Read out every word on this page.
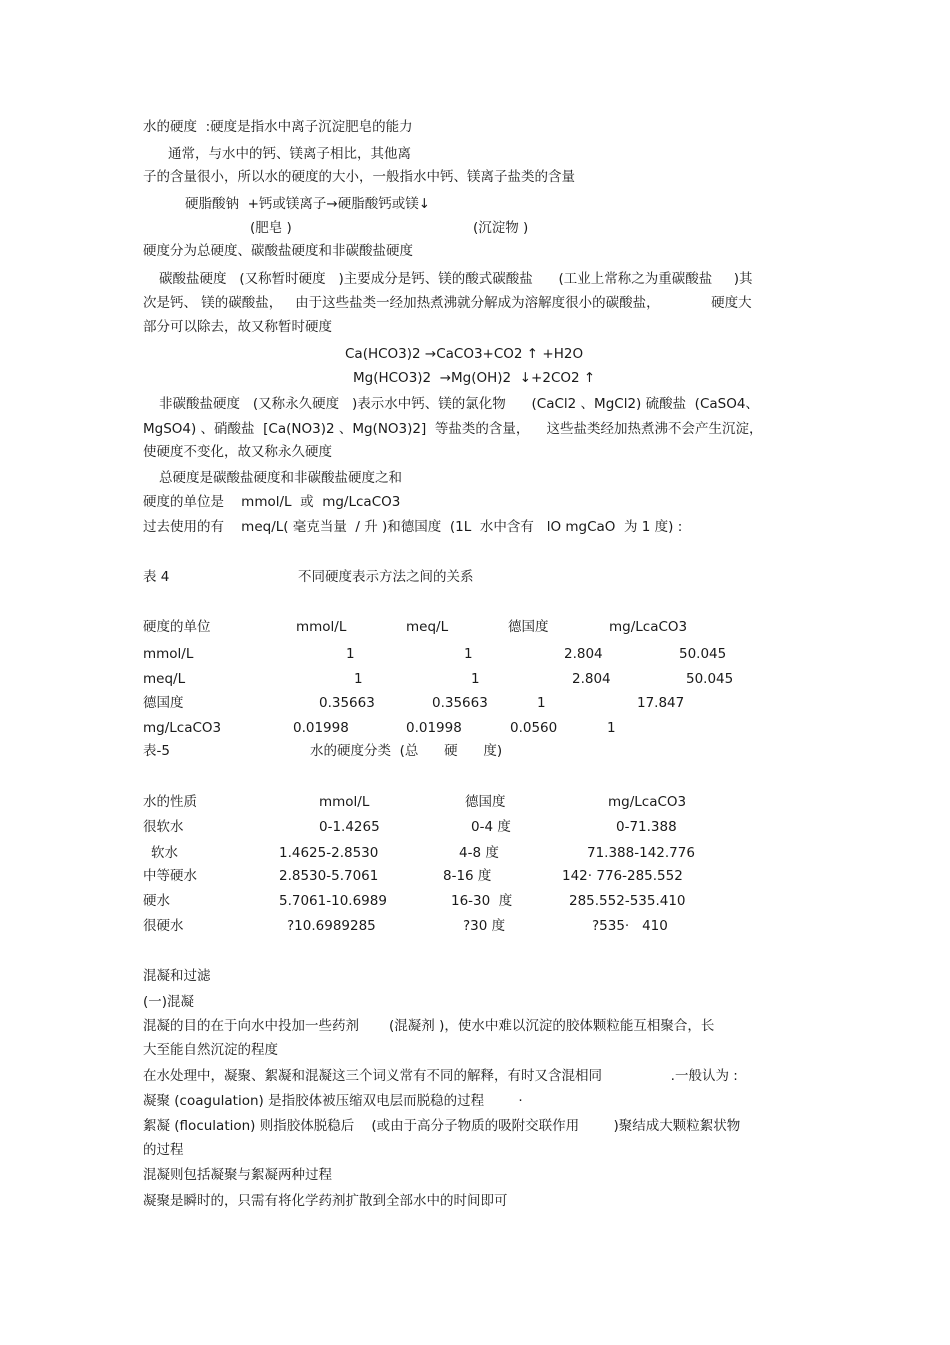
水的硬度  :硬度是指水中离子沉淀肥皂的能力
通常，与水中的钙、镁离子相比，其他离
子的含量很小，所以水的硬度的大小，一般指水中钙、镁离子盐类的含量
硬脂酸钠  +钙或镁离子→硬脂酸钙或镁↓
(肥皂 )	(沉淀物 )
硬度分为总硬度、碳酸盐硬度和非碳酸盐硬度
碳酸盐硬度   (又称暂时硬度   )主要成分是钙、镁的酸式碳酸盐      (工业上常称之为重碳酸盐     )其
次是钙、 镁的碳酸盐，   由于这些盐类一经加热煮沸就分解成为溶解度很小的碳酸盐，            硬度大
部分可以除去，故又称暂时硬度
Ca(HCO3)2 →CaCO3+CO2 ↑ +H2O
Mg(HCO3)2  →Mg(OH)2  ↓+2CO2 ↑
非碳酸盐硬度   (又称永久硬度   )表示水中钙、镁的氯化物      (CaCl2 、MgCl2) 硫酸盐  (CaSO4、
MgSO4) 、硝酸盐  [Ca(NO3)2 、Mg(NO3)2]  等盐类的含量，    这些盐类经加热煮沸不会产生沉淀，
使硬度不变化，故又称永久硬度
总硬度是碳酸盐硬度和非碳酸盐硬度之和
硬度的单位是    mmol/L  或  mg/LcaCO3
过去使用的有    meq/L( 毫克当量  / 升 )和德国度  (1L  水中含有   lO mgCaO  为 1 度) :
表 4	不同硬度表示方法之间的关系
硬度的单位	mmol/L	meq/L	德国度	mg/LcaCO3
mmol/L	1	1	2.804	50.045
meq/L	1	1	2.804	50.045
德国度	0.35663	0.35663	1	17.847
mg/LcaCO3	0.01998	0.01998	0.0560	1
表-5	水的硬度分类  (总      硬      度)
水的性质	mmol/L	德国度	mg/LcaCO3
很软水	0-1.4265	0-4 度	0-71.388
软水	1.4625-2.8530	4-8 度	71.388-142.776
中等硬水	2.8530-5.7061	8-16 度	142· 776-285.552
硬水	5.7061-10.6989	16-30  度	285.552-535.410
很硬水	?10.6989285	?30 度	?535·   410
混凝和过滤
(一)混凝
混凝的目的在于向水中投加一些药剂       (混凝剂 )，使水中难以沉淀的胶体颗粒能互相聚合，长
大至能自然沉淀的程度
在水处理中，凝聚、絮凝和混凝这三个词义常有不同的解释，有时又含混相同                .一般认为 :
凝聚 (coagulation) 是指胶体被压缩双电层而脱稳的过程        ·
絮凝 (floculation) 则指胶体脱稳后    (或由于高分子物质的吸附交联作用        )聚结成大颗粒絮状物
的过程
混凝则包括凝聚与絮凝两种过程
凝聚是瞬时的，只需有将化学药剂扩散到全部水中的时间即可
